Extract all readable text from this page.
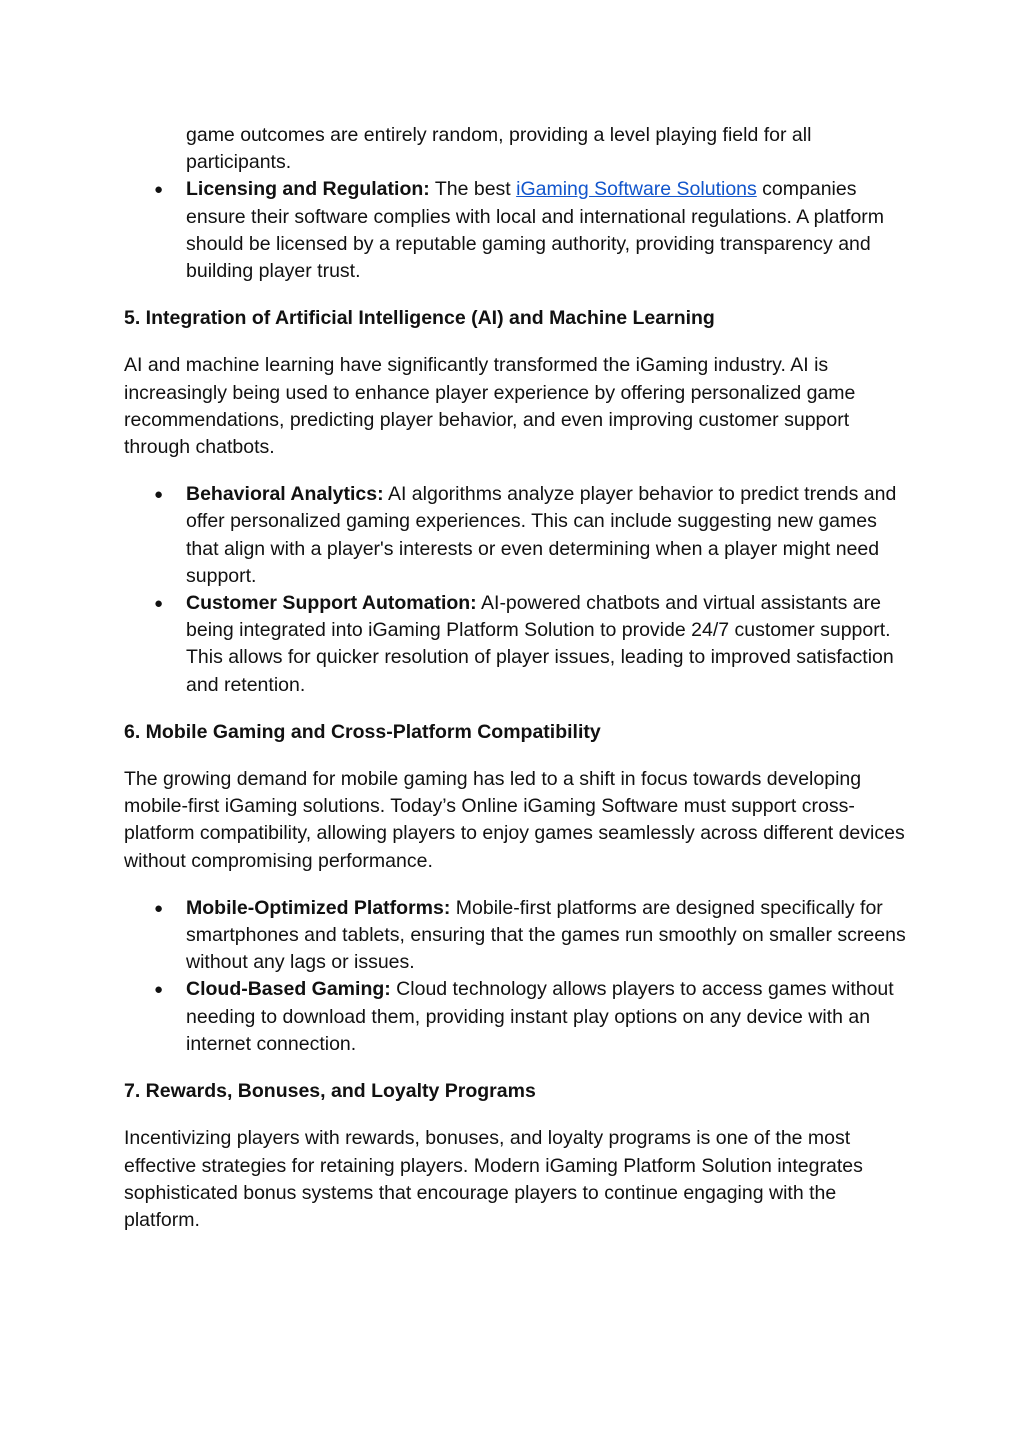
game outcomes are entirely random, providing a level playing field for all participants.
● Licensing and Regulation: The best iGaming Software Solutions companies ensure their software complies with local and international regulations. A platform should be licensed by a reputable gaming authority, providing transparency and building player trust.
5. Integration of Artificial Intelligence (AI) and Machine Learning

AI and machine learning have significantly transformed the iGaming industry. AI is increasingly being used to enhance player experience by offering personalized game recommendations, predicting player behavior, and even improving customer support through chatbots.

● Behavioral Analytics: AI algorithms analyze player behavior to predict trends and offer personalized gaming experiences. This can include suggesting new games that align with a player's interests or even determining when a player might need support.
● Customer Support Automation: AI-powered chatbots and virtual assistants are being integrated into iGaming Platform Solution to provide 24/7 customer support. This allows for quicker resolution of player issues, leading to improved satisfaction and retention.
6. Mobile Gaming and Cross-Platform Compatibility

The growing demand for mobile gaming has led to a shift in focus towards developing mobile-first iGaming solutions. Today’s Online iGaming Software must support cross-platform compatibility, allowing players to enjoy games seamlessly across different devices without compromising performance.

● Mobile-Optimized Platforms: Mobile-first platforms are designed specifically for smartphones and tablets, ensuring that the games run smoothly on smaller screens without any lags or issues.
● Cloud-Based Gaming: Cloud technology allows players to access games without needing to download them, providing instant play options on any device with an internet connection.
7. Rewards, Bonuses, and Loyalty Programs

Incentivizing players with rewards, bonuses, and loyalty programs is one of the most effective strategies for retaining players. Modern iGaming Platform Solution integrates sophisticated bonus systems that encourage players to continue engaging with the platform.
